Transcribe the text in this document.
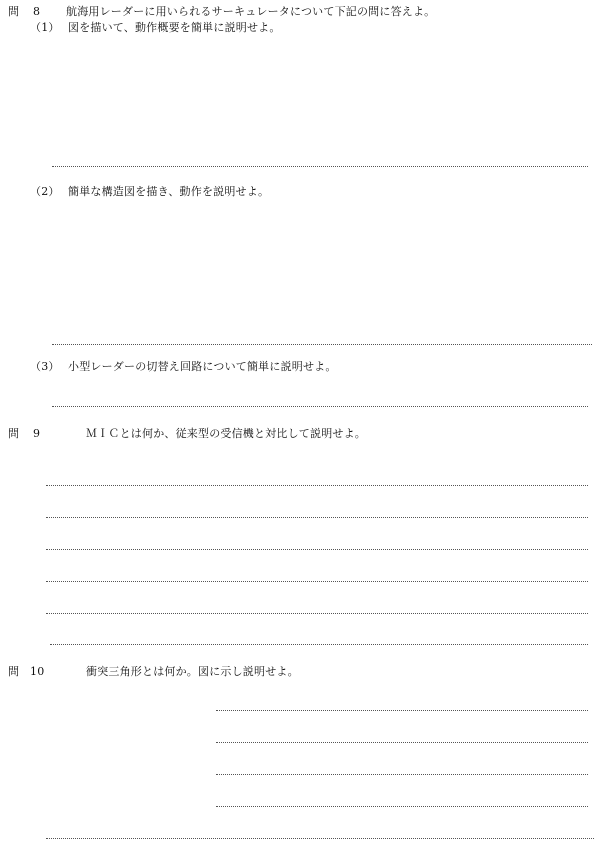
問 8 航海用レーダーに用いられるサーキュレータについて下記の問に答えよ。
（1） 図を描いて、動作概要を簡単に説明せよ。
（2） 簡単な構造図を描き、動作を説明せよ。
（3） 小型レーダーの切替え回路について簡単に説明せよ。
問 9	ＭＩＣとは何か、従来型の受信機と対比して説明せよ。
問 10	衝突三角形とは何か。図に示し説明せよ。
